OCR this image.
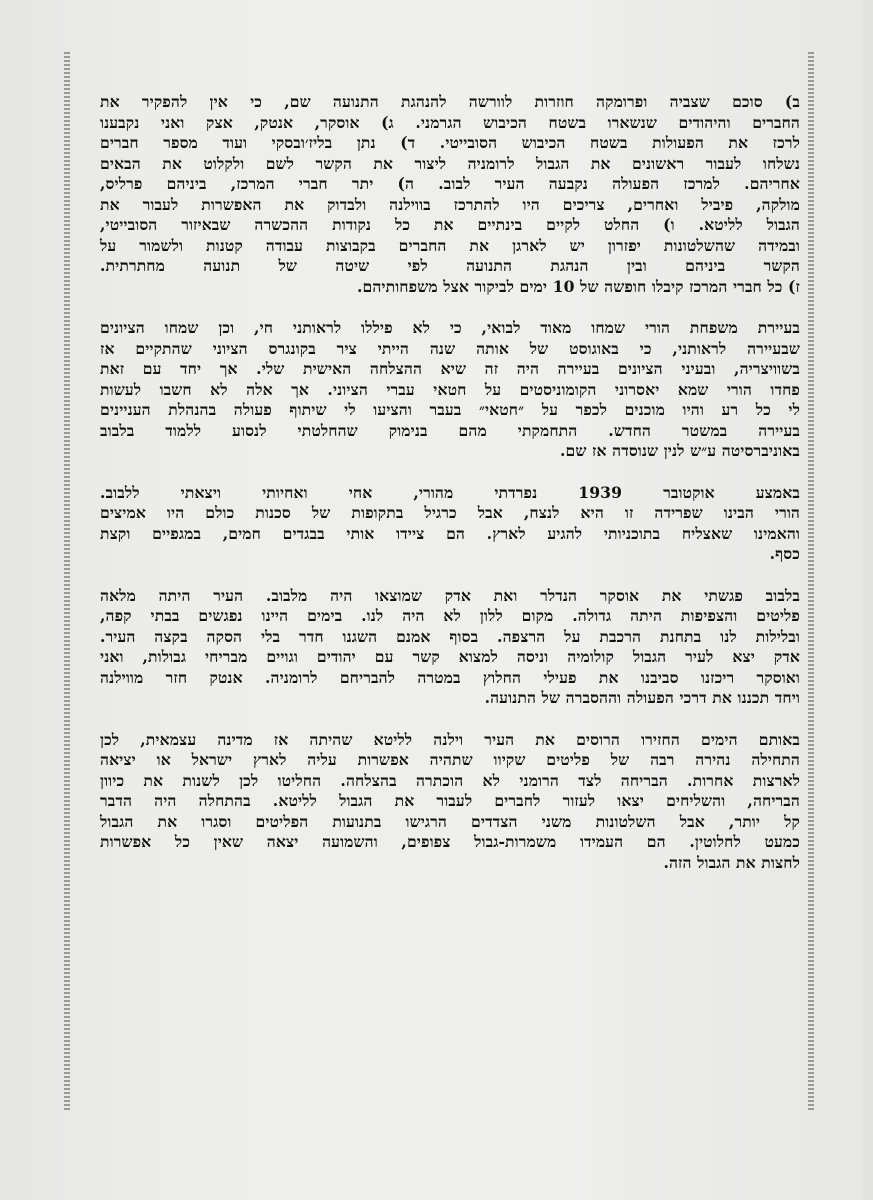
ב) סוכם שצביה ופרומקה חוזרות לוורשה להנהגת התנועה שם, כי אין להפקיר את
החברים והיהודים שנשארו בשטח הכיבוש הגרמני. ג) אוסקר, אנטק, אצק ואני נקבענו
לרכז את הפעולות בשטח הכיבוש הסובייטי. ד) נתן בליז׳ובסקי ועוד מספר חברים
נשלחו לעבור ראשונים את הגבול לרומניה ליצור את הקשר לשם ולקלוט את הבאים
אחריהם. למרכז הפעולה נקבעה העיר לבוב. ה) יתר חברי המרכז, ביניהם פרליס,
מולקה, פיביל ואחרים, צריכים היו להתרכז בווילנה ולבדוק את האפשרות לעבור את
הגבול לליטא. ו) החלט לקיים בינתיים את כל נקודות ההכשרה שבאיזור הסובייטי,
ובמידה שהשלטונות יפזרון יש לארגן את החברים בקבוצות עבודה קטנות ולשמור על
הקשר ביניהם ובין הנהגת התנועה לפי שיטה של תנועה מחתרתית.
ז) כל חברי המרכז קיבלו חופשה של 10 ימים לביקור אצל משפחותיהם.
בעיירת משפחת הורי שמחו מאוד לבואי, כי לא פיללו לראותני חי, וכן שמחו הציונים
שבעיירה לראותני, כי באוגוסט של אותה שנה הייתי ציר בקונגרס הציוני שהתקיים אז
בשוויצריה, ובעיני הציונים בעיירה היה זה שיא ההצלחה האישית שלי. אך יחד עם זאת
פחדו הורי שמא יאסרוני הקומוניסטים על חטאי עברי הציוני. אך אלה לא חשבו לעשות
לי כל רע והיו מוכנים לכפר על ״חטאי״ בעבר והציעו לי שיתוף פעולה בהנהלת העניינים
בעיירה במשטר החדש. התחמקתי מהם בנימוק שהחלטתי לנסוע ללמוד בלבוב
באוניברסיטה ע״ש לנין שנוסדה אז שם.
באמצע אוקטובר 1939 נפרדתי מהורי, אחי ואחיותי ויצאתי ללבוב.
הורי הבינו שפרידה זו היא לנצח, אבל כרגיל בתקופות של סכנות כולם היו אמיצים
והאמינו שאצליח בתוכניותי להגיע לארץ. הם ציידו אותי בבגדים חמים, במגפיים וקצת
כסף.
בלבוב פגשתי את אוסקר הנדלר ואת אדק שמוצאו היה מלבוב. העיר היתה מלאה
פליטים והצפיפות היתה גדולה. מקום ללון לא היה לנו. בימים היינו נפגשים בבתי קפה,
ובלילות לנו בתחנת הרכבת על הרצפה. בסוף אמנם השגנו חדר בלי הסקה בקצה העיר.
אדק יצא לעיר הגבול קולומיה וניסה למצוא קשר עם יהודים וגויים מבריחי גבולות, ואני
ואוסקר ריכזנו סביבנו את פעילי החלוץ במטרה להבריחם לרומניה. אנטק חזר מווילנה
ויחד תכננו את דרכי הפעולה וההסברה של התנועה.
באותם הימים החזירו הרוסים את העיר וילנה לליטא שהיתה אז מדינה עצמאית, לכן
התחילה נהירה רבה של פליטים שקיוו שתהיה אפשרות עליה לארץ ישראל או יציאה
לארצות אחרות. הבריחה לצד הרומני לא הוכתרה בהצלחה. החליטו לכן לשנות את כיוון
הבריחה, והשליחים יצאו לעזור לחברים לעבור את הגבול לליטא. בהתחלה היה הדבר
קל יותר, אבל השלטונות משני הצדדים הרגישו בתנועות הפליטים וסגרו את הגבול
כמעט לחלוטין. הם העמידו משמרות-גבול צפופים, והשמועה יצאה שאין כל אפשרות
לחצות את הגבול הזה.
